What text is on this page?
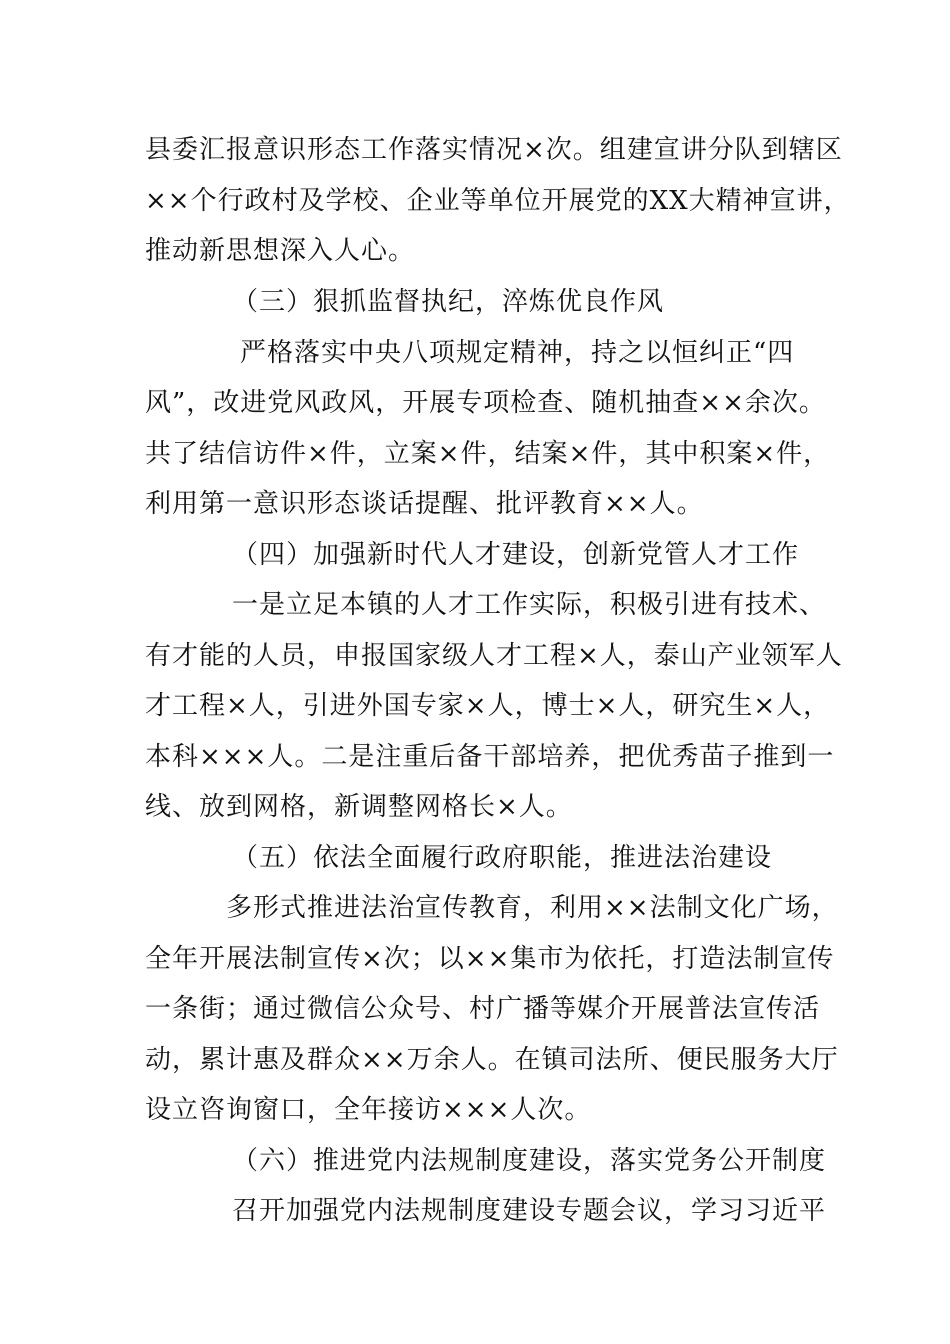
县委汇报意识形态工作落实情况×次。组建宣讲分队到辖区
××个行政村及学校、企业等单位开展党的XX大精神宣讲，
推动新思想深入人心。
（三）狠抓监督执纪，淬炼优良作风
严格落实中央八项规定精神，持之以恒纠正“四
风”，改进党风政风，开展专项检查、随机抽查××余次。
共了结信访件×件，立案×件，结案×件，其中积案×件，
利用第一意识形态谈话提醒、批评教育××人。
（四）加强新时代人才建设，创新党管人才工作
一是立足本镇的人才工作实际，积极引进有技术、
有才能的人员，申报国家级人才工程×人，泰山产业领军人
才工程×人，引进外国专家×人，博士×人，研究生×人，
本科×××人。二是注重后备干部培养，把优秀苗子推到一
线、放到网格，新调整网格长×人。
（五）依法全面履行政府职能，推进法治建设
多形式推进法治宣传教育，利用××法制文化广场，
全年开展法制宣传×次；以××集市为依托，打造法制宣传
一条街；通过微信公众号、村广播等媒介开展普法宣传活
动，累计惠及群众××万余人。在镇司法所、便民服务大厅
设立咨询窗口，全年接访×××人次。
（六）推进党内法规制度建设，落实党务公开制度
召开加强党内法规制度建设专题会议，学习习近平
